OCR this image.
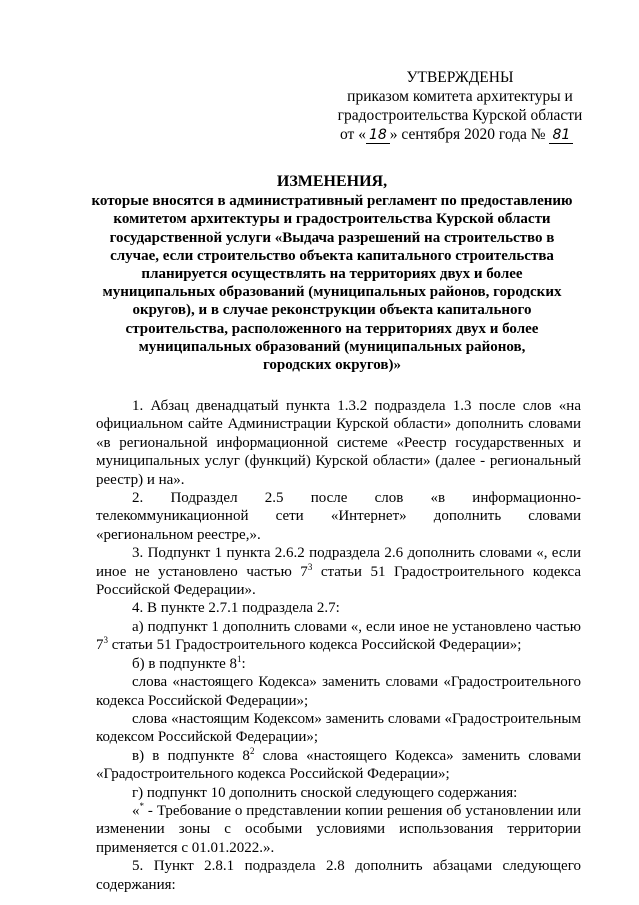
УТВЕРЖДЕНЫ
приказом комитета архитектуры и
градостроительства Курской области
от « 18 » сентября 2020 года № 81
ИЗМЕНЕНИЯ,
которые вносятся в административный регламент по предоставлению
комитетом архитектуры и градостроительства Курской области
государственной услуги «Выдача разрешений на строительство в
случае, если строительство объекта капитального строительства
планируется осуществлять на территориях двух и более
муниципальных образований (муниципальных районов, городских
округов), и в случае реконструкции объекта капитального
строительства, расположенного на территориях двух и более
муниципальных образований (муниципальных районов,
городских округов)»
1. Абзац двенадцатый пункта 1.3.2 подраздела 1.3 после слов «на официальном сайте Администрации Курской области» дополнить словами «в региональной информационной системе «Реестр государственных и муниципальных услуг (функций) Курской области» (далее - региональный реестр) и на».
2. Подраздел 2.5 после слов «в информационно-
телекоммуникационной сети «Интернет» дополнить словами
«региональном реестре,».
3. Подпункт 1 пункта 2.6.2 подраздела 2.6 дополнить словами «, если иное не установлено частью $7^3$ статьи 51 Градостроительного кодекса Российской Федерации».
4. В пункте 2.7.1 подраздела 2.7:
а) подпункт 1 дополнить словами «, если иное не установлено частью $7^3$ статьи 51 Градостроительного кодекса Российской Федерации»;
б) в подпункте $8^1$:
слова «настоящего Кодекса» заменить словами «Градостроительного кодекса Российской Федерации»;
слова «настоящим Кодексом» заменить словами «Градостроительным кодексом Российской Федерации»;
в) в подпункте $8^2$ слова «настоящего Кодекса» заменить словами «Градостроительного кодекса Российской Федерации»;
г) подпункт 10 дополнить сноской следующего содержания:
«* - Требование о представлении копии решения об установлении или изменении зоны с особыми условиями использования территории применяется с 01.01.2022.».
5. Пункт 2.8.1 подраздела 2.8 дополнить абзацами следующего содержания:
